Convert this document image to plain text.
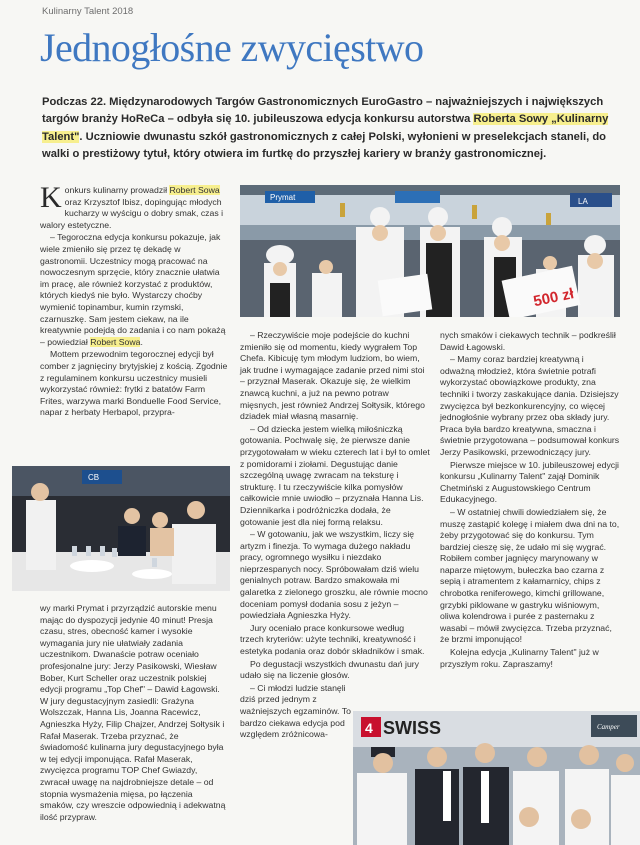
Kulinarny Talent 2018
Jednogłośne zwycięstwo

Podczas 22. Międzynarodowych Targów Gastronomicznych EuroGastro – najważniejszych i największych targów branży HoReCa – odbyła się 10. jubileuszowa edycja konkursu autorstwa Roberta Sowy „Kulinarny Talent". Uczniowie dwunastu szkół gastronomicznych z całej Polski, wyłonieni w preselekcjach staneli, do walki o prestiżowy tytuł, który otwiera im furtkę do przyszłej kariery w branży gastronomicznej.

Konkurs kulinarny prowadził Robert Sowa oraz Krzysztof Ibisz, dopingując młodych kucharzy w wyścigu o dobry smak, czas i walory estetyczne.

– Tegoroczna edycja konkursu pokazuje, jak wiele zmieniło się przez tę dekadę w gastronomii. Uczestnicy mogą pracować na nowoczesnym sprzęcie, który znacznie ułatwia im pracę, ale również korzystać z produktów, których kiedyś nie było. Wystarczy choćby wymienić topinambur, kumin rzymski, czarnuszkę. Sam jestem ciekaw, na ile kreatywnie podejdą do zadania i co nam pokażą – powiedział Robert Sowa.

Mottem przewodnim tegorocznej edycji był comber z jagnięciny brytyjskiej z kością. Zgodnie z regulaminem konkursu uczestnicy musieli wykorzystać również: frytki z batatów Farm Frites, warzywa marki Bonduelle Food Service, napar z herbaty Herbapol, przypra-

wy marki Prymat i przyrządzić autorskie menu mając do dyspozycji jedynie 40 minut! Presja czasu, stres, obecność kamer i wysokie wymagania jury nie ułatwiały zadania uczestnikom. Dwanaście potraw oceniało profesjonalne jury: Jerzy Pasikowski, Wiesław Bober, Kurt Scheller oraz uczestnik polskiej edycji programu „Top Chef" – Dawid Łagowski. W jury degustacyjnym zasiedli: Grażyna Wolszczak, Hanna Lis, Joanna Racewicz, Agnieszka Hyży, Filip Chajzer, Andrzej Sołtysik i Rafał Maserak. Trzeba przyznać, że świadomość kulinarna jury degustacyjnego była w tej edycji imponująca. Rafał Maserak, zwycięzca programu TOP Chef Gwiazdy, zwracał uwagę na najdrobniejsze detale – od stopnia wysmażenia mięsa, po łączenia smaków, czy wreszcie odpowiednią i adekwatną ilość przypraw.

– Rzeczywiście moje podejście do kuchni zmieniło się od momentu, kiedy wygrałem Top Chefa. Kibicuję tym młodym ludziom, bo wiem, jak trudne i wymagające zadanie przed nimi stoi – przyznał Maserak. Okazuje się, że wielkim znawcą kuchni, a już na pewno potraw mięsnych, jest również Andrzej Sołtysik, którego dziadek miał własną masarnię.

– Od dziecka jestem wielką miłośniczką gotowania. Pochwalę się, że pierwsze danie przygotowałam w wieku czterech lat i był to omlet z pomidorami i ziołami. Degustując danie szczególną uwagę zwracam na teksturę i strukturę. I tu rzeczywiście kilka pomysłów całkowicie mnie uwiodło – przyznała Hanna Lis. Dziennikarka i podróżniczka dodała, że gotowanie jest dla niej formą relaksu.

– W gotowaniu, jak we wszystkim, liczy się artyzm i finezja. To wymaga dużego nakładu pracy, ogromnego wysiłku i niezdako nieprzespanych nocy. Spróbowałam dziś wielu genialnych potraw. Bardzo smakowała mi galaretka z zielonego groszku, ale równie mocno doceniam pomysł dodania sosu z jeżyn – powiedziała Agnieszka Hyży.

Jury oceniało prace konkursowe według trzech kryteriów: użyte techniki, kreatywność i estetyka podania oraz dobór składników i smak.

Po degustacji wszystkich dwunastu dań jury udało się na liczenie głosów.

– Ci młodzi ludzie stanęli dziś przed jednym z ważniejszych egzaminów. To bardzo ciekawa edycja pod względem zróżnicowa-

nych smaków i ciekawych technik – podkreślił Dawid Łagowski.

– Mamy coraz bardziej kreatywną i odważną młodzież, która świetnie potrafi wykorzystać obowiązkowe produkty, zna techniki i tworzy zaskakujące dania. Dzisiejszy zwycięzca był bezkonkurencyjny, co więcej jednogłośnie wybrany przez oba składy jury. Praca była bardzo kreatywna, smaczna i świetnie przygotowana – podsumował konkurs Jerzy Pasikowski, przewodniczący jury.

Pierwsze miejsce w 10. jubileuszowej edycji konkursu „Kulinarny Talent" zajął Dominik Chetmiński z Augustowskiego Centrum Edukacyjnego.

– W ostatniej chwili dowiedziałem się, że muszę zastąpić kolegę i miałem dwa dni na to, żeby przygotować się do konkursu. Tym bardziej cieszę się, że udało mi się wygrać. Robiłem comber jagnięcy marynowany w naparze miętowym, bułeczka bao czarna z sepią i atramentem z kałamarnicy, chips z chrobotka reniferowego, kimchi grillowane, grzybki piklowane w gastryku wiśniowym, oliwa kolendrowa i purée z pasternaku z wasabi – mówił zwycięzca. Trzeba przyznać, że brzmi imponująco!

Kolejna edycja „Kulinarny Talent" już w przyszłym roku. Zapraszamy!

Prymat	LA
500 zł
CB
4 SWISS	Camper
